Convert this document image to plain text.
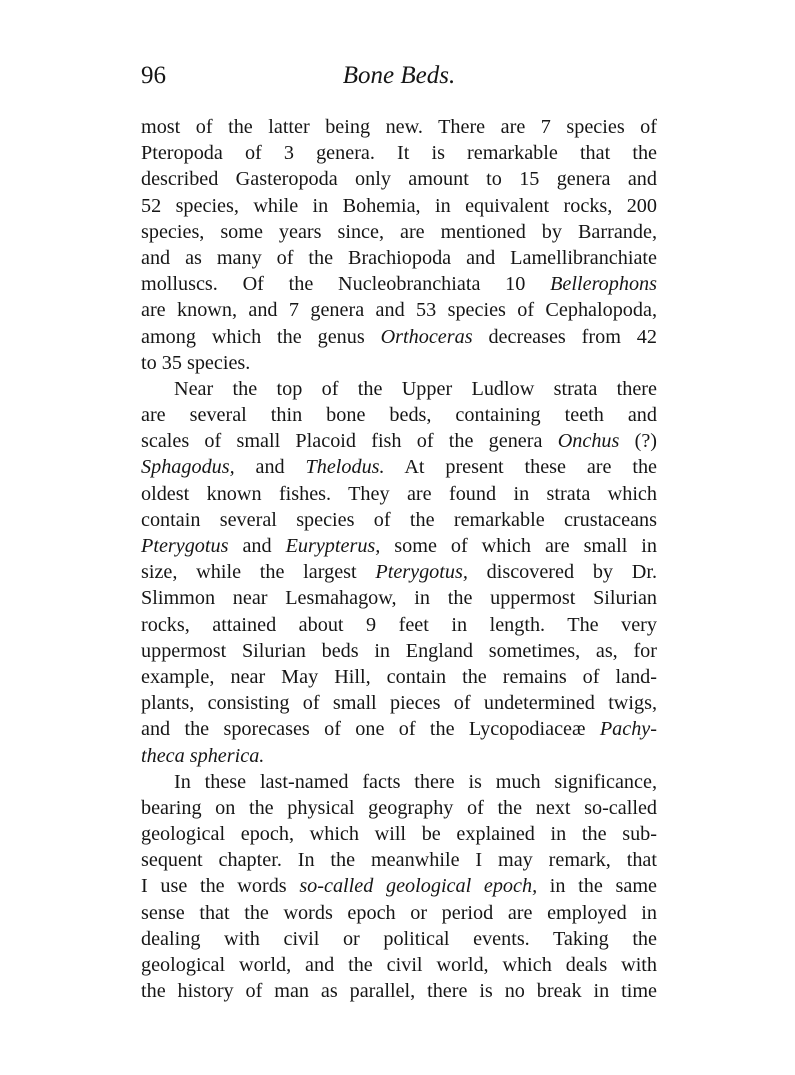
96	Bone Beds.
most of the latter being new. There are 7 species of
Pteropoda of 3 genera. It is remarkable that the
described Gasteropoda only amount to 15 genera and
52 species, while in Bohemia, in equivalent rocks, 200
species, some years since, are mentioned by Barrande,
and as many of the Brachiopoda and Lamellibranchiate
molluscs. Of the Nucleobranchiata 10 Bellerophons
are known, and 7 genera and 53 species of Cephalopoda,
among which the genus Orthoceras decreases from 42
to 35 species.
Near the top of the Upper Ludlow strata there
are several thin bone beds, containing teeth and
scales of small Placoid fish of the genera Onchus (?)
Sphagodus, and Thelodus. At present these are the
oldest known fishes. They are found in strata which
contain several species of the remarkable crustaceans
Pterygotus and Eurypterus, some of which are small in
size, while the largest Pterygotus, discovered by Dr.
Slimmon near Lesmahagow, in the uppermost Silurian
rocks, attained about 9 feet in length. The very
uppermost Silurian beds in England sometimes, as, for
example, near May Hill, contain the remains of land-
plants, consisting of small pieces of undetermined twigs,
and the sporecases of one of the Lycopodiaceæ Pachy-
theca spherica.
In these last-named facts there is much significance,
bearing on the physical geography of the next so-called
geological epoch, which will be explained in the sub-
sequent chapter. In the meanwhile I may remark, that
I use the words so-called geological epoch, in the same
sense that the words epoch or period are employed in
dealing with civil or political events. Taking the
geological world, and the civil world, which deals with
the history of man as parallel, there is no break in time
